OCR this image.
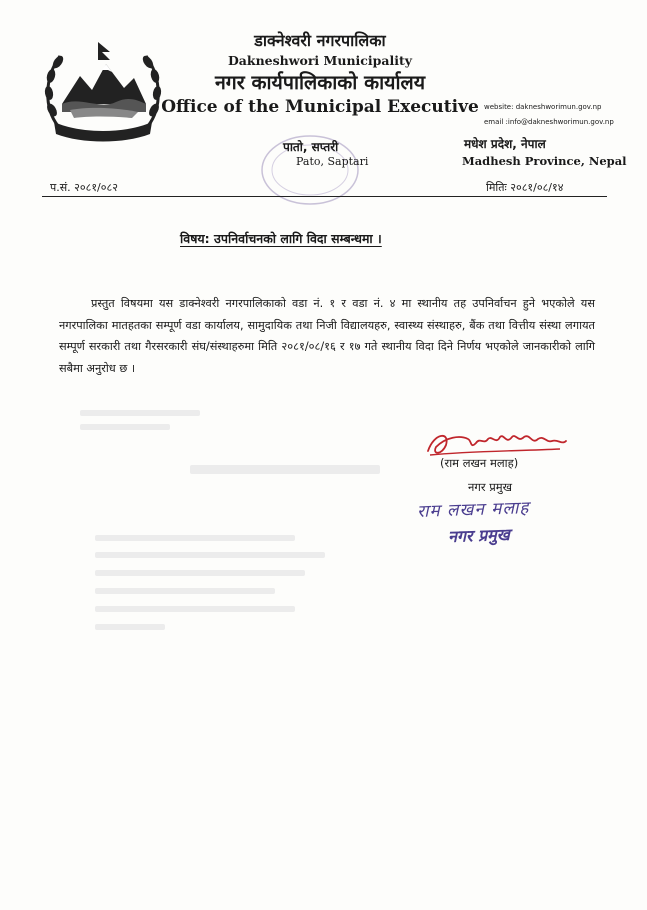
डाक्नेश्वरी नगरपालिका

Dakneshwori Municipality

नगर कार्यपालिकाको कार्यालय

Office of the Municipal Executive website: dakneshworimun.gov.np
email :info@dakneshworimun.gov.np
पातो, सप्तरी
Pato, Saptari
मधेश प्रदेश, नेपाल
Madhesh Province, Nepal
प.सं. २०८१/०८२	मितिः २०८१/०८/१४
विषय: उपनिर्वाचनको लागि विदा सम्बन्धमा ।

प्रस्तुत विषयमा यस डाक्नेश्वरी नगरपालिकाको वडा नं. १ र वडा नं. ४ मा स्थानीय तह उपनिर्वाचन हुने भएकोले यस नगरपालिका मातहतका सम्पूर्ण वडा कार्यालय, सामुदायिक तथा निजी विद्यालयहरु, स्वास्थ्य संस्थाहरु, बैंक तथा वित्तीय संस्था लगायत सम्पूर्ण सरकारी तथा गैरसरकारी संघ/संस्थाहरुमा मिति २०८१/०८/१६ र १७ गते स्थानीय विदा दिने निर्णय भएकोले जानकारीको लागि सबैमा अनुरोध छ ।

(राम लखन मलाह)
नगर प्रमुख
राम लखन मलाह
नगर प्रमुख
